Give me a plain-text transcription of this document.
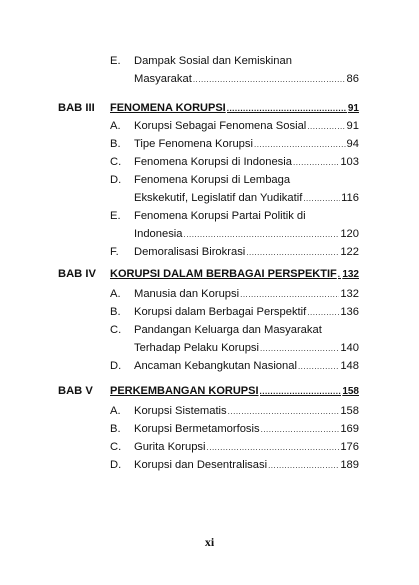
E. Dampak Sosial dan Kemiskinan
Masyarakat .....	86
BAB III FENOMENA KORUPSI .....	91
A. Korupsi Sebagai Fenomena Sosial .....	91
B. Tipe Fenomena Korupsi .....	94
C. Fenomena Korupsi di Indonesia .....	103
D. Fenomena Korupsi di Lembaga
Ekskekutif, Legislatif dan Yudikatif .....	116
E. Fenomena Korupsi Partai Politik di
Indonesia .....	120
F. Demoralisasi Birokrasi .....	122
BAB IV KORUPSI DALAM BERBAGAI PERSPEKTIF ..... 132
A. Manusia dan Korupsi .....	132
B. Korupsi dalam Berbagai Perspektif .....	136
C. Pandangan Keluarga dan Masyarakat
Terhadap Pelaku Korupsi .....	140
D. Ancaman Kebangkutan Nasional .....	148
BAB V PERKEMBANGAN KORUPSI .....	158
A. Korupsi Sistematis .....	158
B. Korupsi Bermetamorfosis .....	169
C. Gurita Korupsi .....	176
D. Korupsi dan Desentralisasi .....	189
xi
